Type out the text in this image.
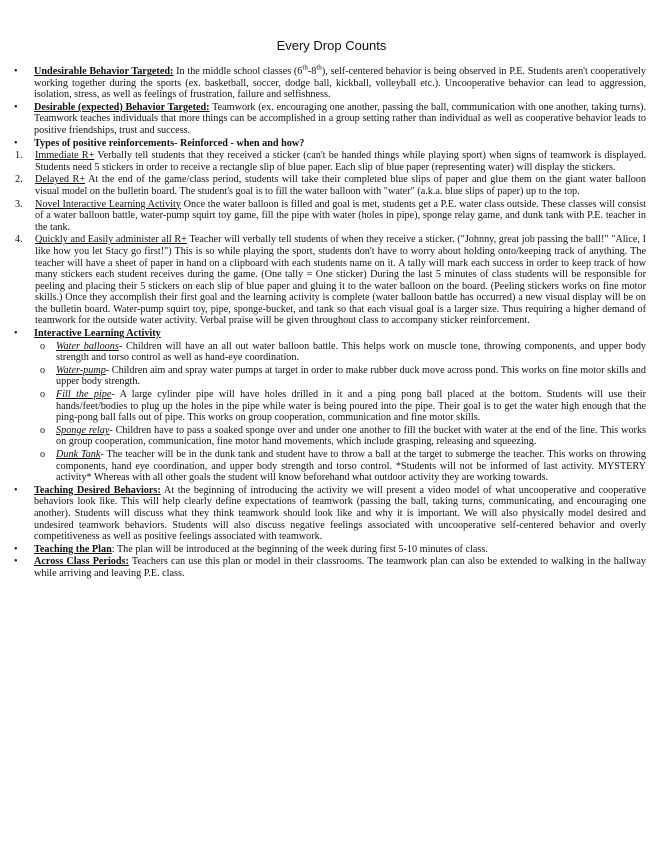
Every Drop Counts
• Undesirable Behavior Targeted: In the middle school classes (6th-8th), self-centered behavior is being observed in P.E. Students aren't cooperatively working together during the sports (ex. basketball, soccer, dodge ball, kickball, volleyball etc.). Uncooperative behavior can lead to aggression, isolation, stress, as well as feelings of frustration, failure and selfishness.
• Desirable (expected) Behavior Targeted: Teamwork (ex. encouraging one another, passing the ball, communication with one another, taking turns). Teamwork teaches individuals that more things can be accomplished in a group setting rather than individual as well as cooperative behavior leads to positive friendships, trust and success.
• Types of positive reinforcements- Reinforced - when and how?
1. Immediate R+ Verbally tell students that they received a sticker (can't be handed things while playing sport) when signs of teamwork is displayed. Students need 5 stickers in order to receive a rectangle slip of blue paper. Each slip of blue paper (representing water) will display the stickers.
2. Delayed R+ At the end of the game/class period, students will take their completed blue slips of paper and glue them on the giant water balloon visual model on the bulletin board. The student's goal is to fill the water balloon with "water" (a.k.a. blue slips of paper) up to the top.
3. Novel Interactive Learning Activity Once the water balloon is filled and goal is met, students get a P.E. water class outside. These classes will consist of a water balloon battle, water-pump squirt toy game, fill the pipe with water (holes in pipe), sponge relay game, and dunk tank with P.E. teacher in the tank.
4. Quickly and Easily administer all R+ Teacher will verbally tell students of when they receive a sticker. ("Johnny, great job passing the ball!" "Alice, I like how you let Stacy go first!") This is so while playing the sport, students don't have to worry about holding onto/keeping track of anything. The teacher will have a sheet of paper in hand on a clipboard with each students name on it. A tally will mark each success in order to keep track of how many stickers each student receives during the game. (One tally = One sticker) During the last 5 minutes of class students will be responsible for peeling and placing their 5 stickers on each slip of blue paper and gluing it to the water balloon on the board. (Peeling stickers works on fine motor skills.) Once they accomplish their first goal and the learning activity is complete (water balloon battle has occurred) a new visual display will be on the bulletin board. Water-pump squirt toy, pipe, sponge-bucket, and tank so that each visual goal is a larger size. Thus requiring a higher demand of teamwork for the outside water activity. Verbal praise will be given throughout class to accompany sticker reinforcement.
• Interactive Learning Activity
o Water balloons- Children will have an all out water balloon battle. This helps work on muscle tone, throwing components, and upper body strength and torso control as well as hand-eye coordination.
o Water-pump- Children aim and spray water pumps at target in order to make rubber duck move across pond. This works on fine motor skills and upper body strength.
o Fill the pipe- A large cylinder pipe will have holes drilled in it and a ping pong ball placed at the bottom. Students will use their hands/feet/bodies to plug up the holes in the pipe while water is being poured into the pipe. Their goal is to get the water high enough that the ping-pong ball falls out of pipe. This works on group cooperation, communication and fine motor skills.
o Sponge relay- Children have to pass a soaked sponge over and under one another to fill the bucket with water at the end of the line. This works on group cooperation, communication, fine motor hand movements, which include grasping, releasing and squeezing.
o Dunk Tank- The teacher will be in the dunk tank and student have to throw a ball at the target to submerge the teacher. This works on throwing components, hand eye coordination, and upper body strength and torso control. *Students will not be informed of last activity. MYSTERY activity* Whereas with all other goals the student will know beforehand what outdoor activity they are working towards.
• Teaching Desired Behaviors: At the beginning of introducing the activity we will present a video model of what uncooperative and cooperative behaviors look like. This will help clearly define expectations of teamwork (passing the ball, taking turns, communicating, and encouraging one another). Students will discuss what they think teamwork should look like and why it is important. We will also physically model desired and undesired teamwork behaviors. Students will also discuss negative feelings associated with uncooperative self-centered behavior and overly competitiveness as well as positive feelings associated with teamwork.
• Teaching the Plan: The plan will be introduced at the beginning of the week during first 5-10 minutes of class.
• Across Class Periods: Teachers can use this plan or model in their classrooms. The teamwork plan can also be extended to walking in the hallway while arriving and leaving P.E. class.
